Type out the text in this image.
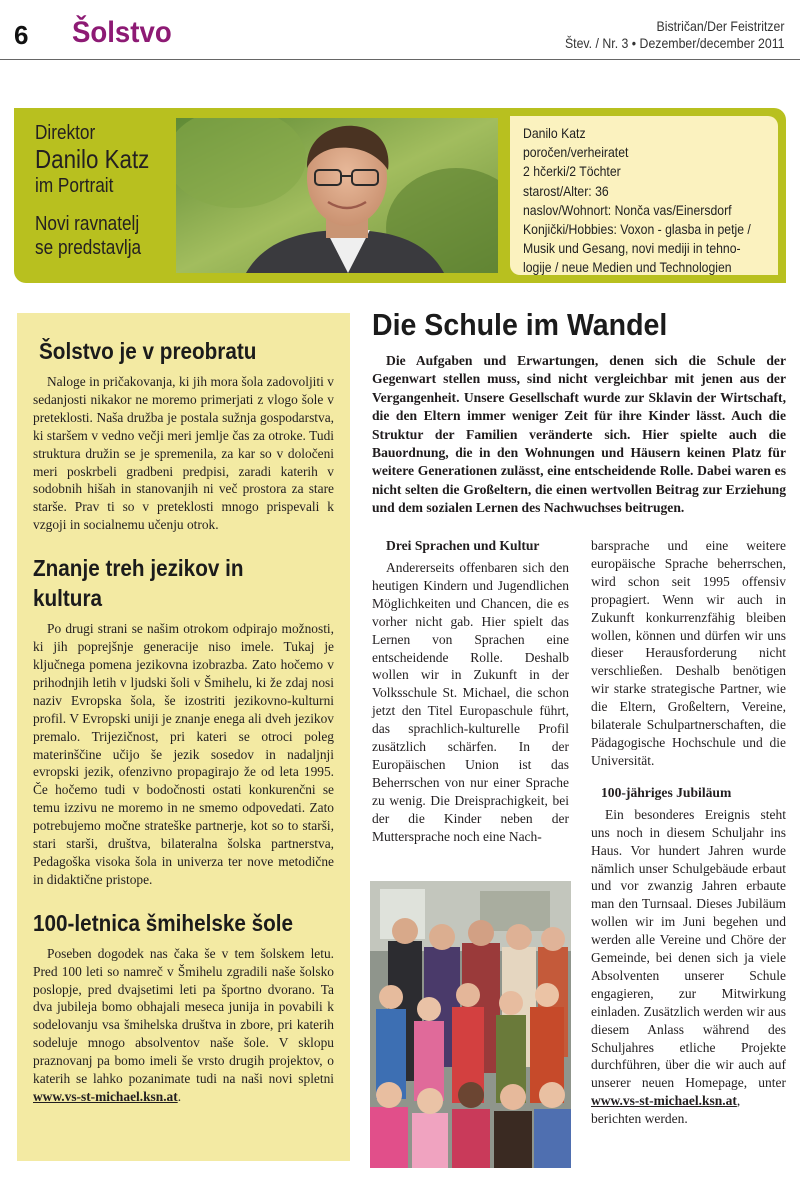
6 Šolstvo	Bistričan/Der Feistritzer
Štev. / Nr. 3 • Dezember/december 2011
Direktor
Danilo Katz
im Portrait
Novi ravnatelj
se predstavlja
Danilo Katz
poročen/verheiratet
2 hčerki/2 Töchter
starost/Alter: 36
naslov/Wohnort: Nonča vas/Einersdorf
Konjički/Hobbies: Voxon - glasba in petje /
Musik und Gesang, novi mediji in tehno-
logije / neue Medien und Technologien
Šolstvo je v preobratu

Naloge in pričakovanja, ki jih mora šola zadovoljiti v sedanjosti nikakor ne moremo primerjati z vlogo šole v preteklosti. Naša družba je postala sužnja gospodarstva, ki staršem v vedno večji meri jemlje čas za otroke. Tudi struktura družin se je spremenila, za kar so v določeni meri poskrbeli gradbeni predpisi, zaradi katerih v sodobnih hišah in stanovanjih ni več prostora za stare starše. Prav ti so v preteklosti mnogo prispevali k vzgoji in socialnemu učenju otrok.

Znanje treh jezikov in kultura

Po drugi strani se našim otrokom odpirajo možnosti, ki jih poprejšnje generacije niso imele. Tukaj je ključnega pomena jezikovna izobrazba. Zato hočemo v prihodnjih letih v ljudski šoli v Šmihelu, ki že zdaj nosi naziv Evropska šola, še izostriti jezikovno-kulturni profil. V Evropski uniji je znanje enega ali dveh jezikov premalo. Trijezičnost, pri kateri se otroci poleg materinščine učijo še jezik sosedov in nadaljnji evropski jezik, ofenzivno propagirajo že od leta 1995. Če hočemo tudi v bodočnosti ostati konkurenčni se temu izzivu ne moremo in ne smemo odpovedati. Zato potrebujemo močne strateške partnerje, kot so to starši, stari starši, društva, bilateralna šolska partnerstva, Pedagoška visoka šola in univerza ter nove metodične in didaktične pristope.

100-letnica šmihelske šole

Poseben dogodek nas čaka še v tem šolskem letu. Pred 100 leti so namreč v Šmihelu zgradili naše šolsko poslopje, pred dvajsetimi leti pa športno dvorano. Ta dva jubileja bomo obhajali meseca junija in povabili k sodelovanju vsa šmihelska društva in zbore, pri katerih sodeluje mnogo absolventov naše šole. V sklopu praznovanj pa bomo imeli še vrsto drugih projektov, o katerih se lahko pozanimate tudi na naši novi spletni www.vs-st-michael.ksn.at.

Die Schule im Wandel

Die Aufgaben und Erwartungen, denen sich die Schule der Gegenwart stellen muss, sind nicht vergleichbar mit jenen aus der Vergangenheit. Unsere Gesellschaft wurde zur Sklavin der Wirtschaft, die den Eltern immer weniger Zeit für ihre Kinder lässt. Auch die Struktur der Familien veränderte sich. Hier spielte auch die Bauordnung, die in den Wohnungen und Häusern keinen Platz für weitere Generationen zulässt, eine entscheidende Rolle. Dabei waren es nicht selten die Großeltern, die einen wertvollen Beitrag zur Erziehung und dem sozialen Lernen des Nachwuchses beitrugen.

Drei Sprachen und Kultur

Andererseits offenbaren sich den heutigen Kindern und Jugendlichen Möglichkeiten und Chancen, die es vorher nicht gab. Hier spielt das Lernen von Sprachen eine entscheidende Rolle. Deshalb wollen wir in Zukunft in der Volksschule St. Michael, die schon jetzt den Titel Europaschule führt, das sprachlich-kulturelle Profil zusätzlich schärfen. In der Europäischen Union ist das Beherrschen von nur einer Sprache zu wenig. Die Dreisprachigkeit, bei der die Kinder neben der Muttersprache noch eine Nach-

barsprache und eine weitere europäische Sprache beherrschen, wird schon seit 1995 offensiv propagiert. Wenn wir auch in Zukunft konkurrenzfähig bleiben wollen, können und dürfen wir uns dieser Herausforderung nicht verschließen. Deshalb benötigen wir starke strategische Partner, wie die Eltern, Großeltern, Vereine, bilaterale Schulpartnerschaften, die Pädagogische Hochschule und die Universität.

100-jähriges Jubiläum

Ein besonderes Ereignis steht uns noch in diesem Schuljahr ins Haus. Vor hundert Jahren wurde nämlich unser Schulgebäude erbaut und vor zwanzig Jahren erbaute man den Turnsaal. Dieses Jubiläum wollen wir im Juni begehen und werden alle Vereine und Chöre der Gemeinde, bei denen sich ja viele Absolventen unserer Schule engagieren, zur Mitwirkung einladen. Zusätzlich werden wir aus diesem Anlass während des Schuljahres etliche Projekte durchführen, über die wir auch auf unserer neuen Homepage, unter www.vs-st-michael.ksn.at, berichten werden.
